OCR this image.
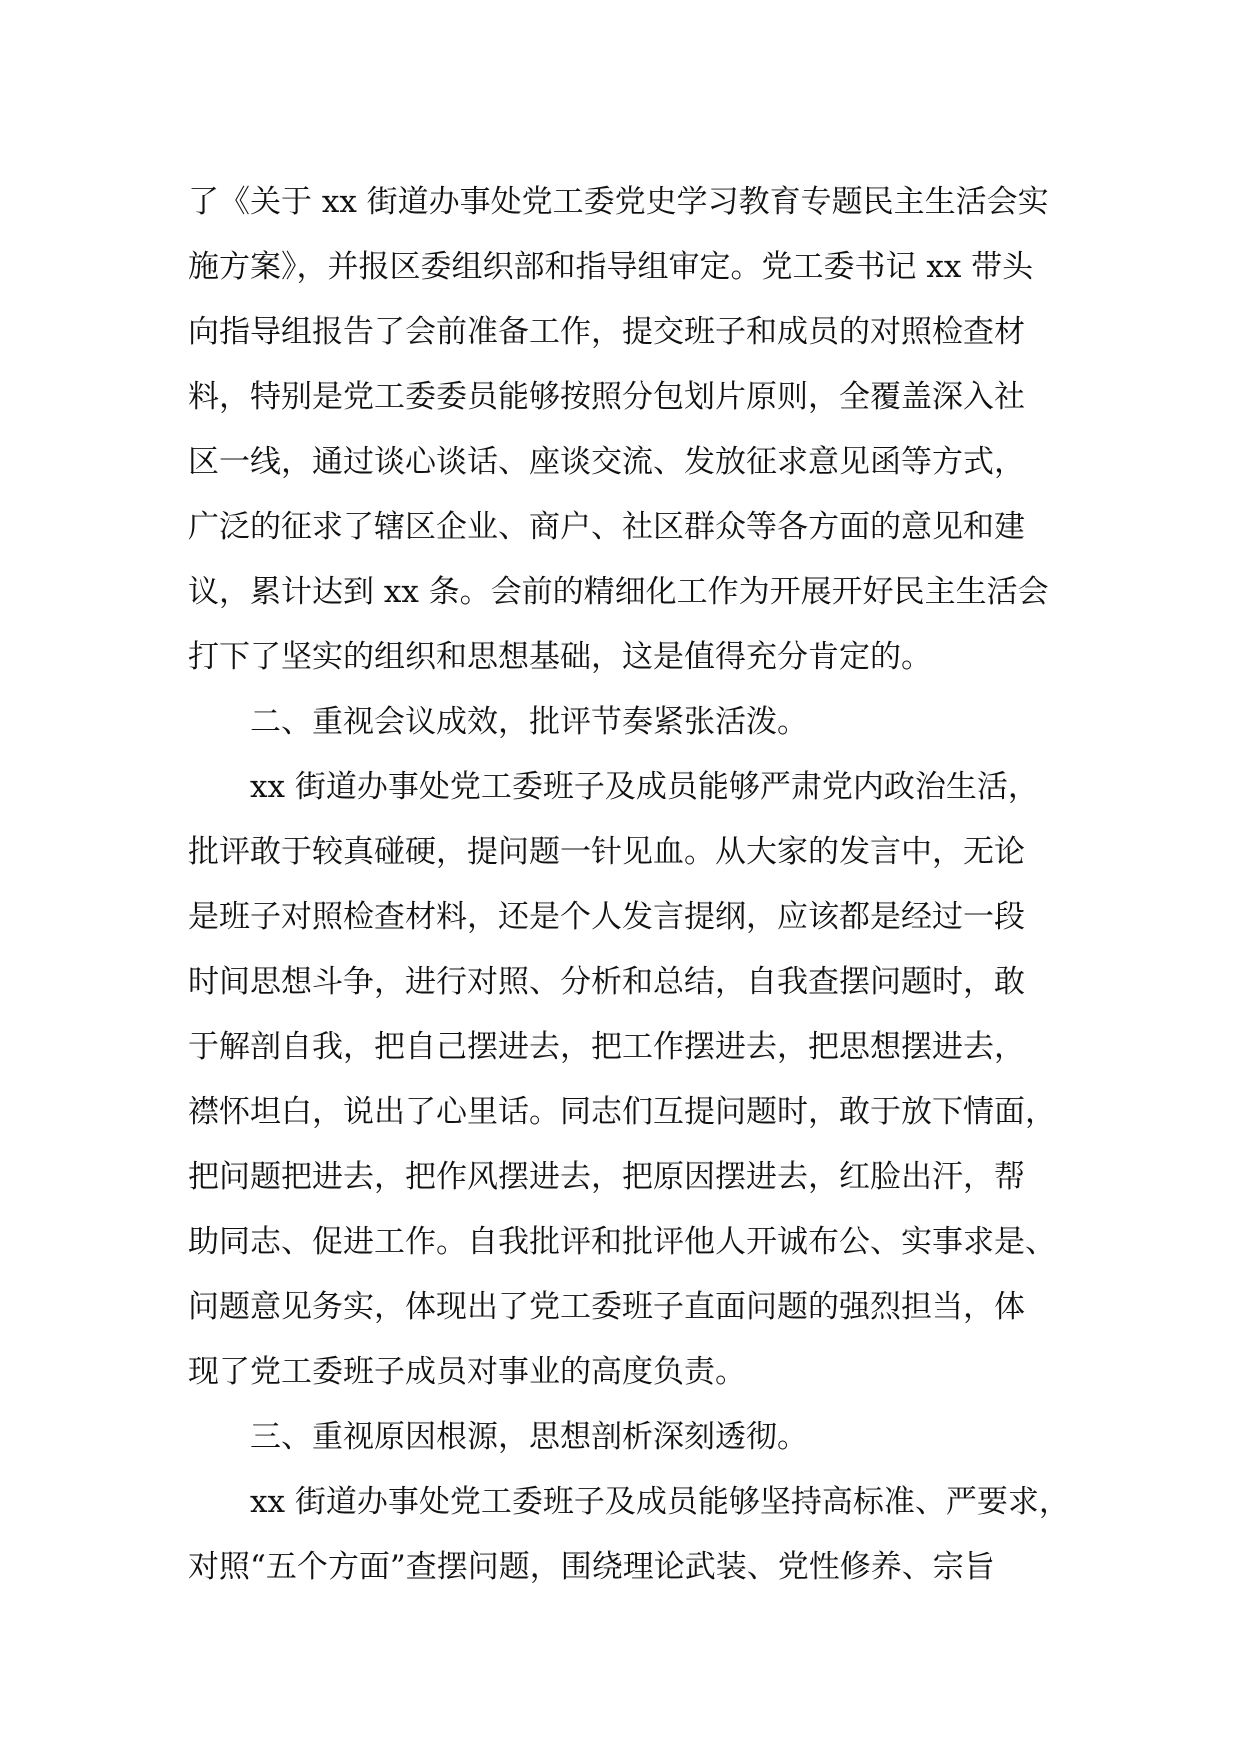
了《关于 xx 街道办事处党工委党史学习教育专题民主生活会实
施方案》，并报区委组织部和指导组审定。党工委书记 xx 带头
向指导组报告了会前准备工作，提交班子和成员的对照检查材
料，特别是党工委委员能够按照分包划片原则，全覆盖深入社
区一线，通过谈心谈话、座谈交流、发放征求意见函等方式，
广泛的征求了辖区企业、商户、社区群众等各方面的意见和建
议，累计达到 xx 条。会前的精细化工作为开展开好民主生活会
打下了坚实的组织和思想基础，这是值得充分肯定的。
二、重视会议成效，批评节奏紧张活泼。
xx 街道办事处党工委班子及成员能够严肃党内政治生活，
批评敢于较真碰硬，提问题一针见血。从大家的发言中，无论
是班子对照检查材料，还是个人发言提纲，应该都是经过一段
时间思想斗争，进行对照、分析和总结，自我查摆问题时，敢
于解剖自我，把自己摆进去，把工作摆进去，把思想摆进去，
襟怀坦白，说出了心里话。同志们互提问题时，敢于放下情面，
把问题把进去，把作风摆进去，把原因摆进去，红脸出汗，帮
助同志、促进工作。自我批评和批评他人开诚布公、实事求是、
问题意见务实，体现出了党工委班子直面问题的强烈担当，体
现了党工委班子成员对事业的高度负责。
三、重视原因根源，思想剖析深刻透彻。
xx 街道办事处党工委班子及成员能够坚持高标准、严要求，
对照“五个方面”查摆问题，围绕理论武装、党性修养、宗旨
